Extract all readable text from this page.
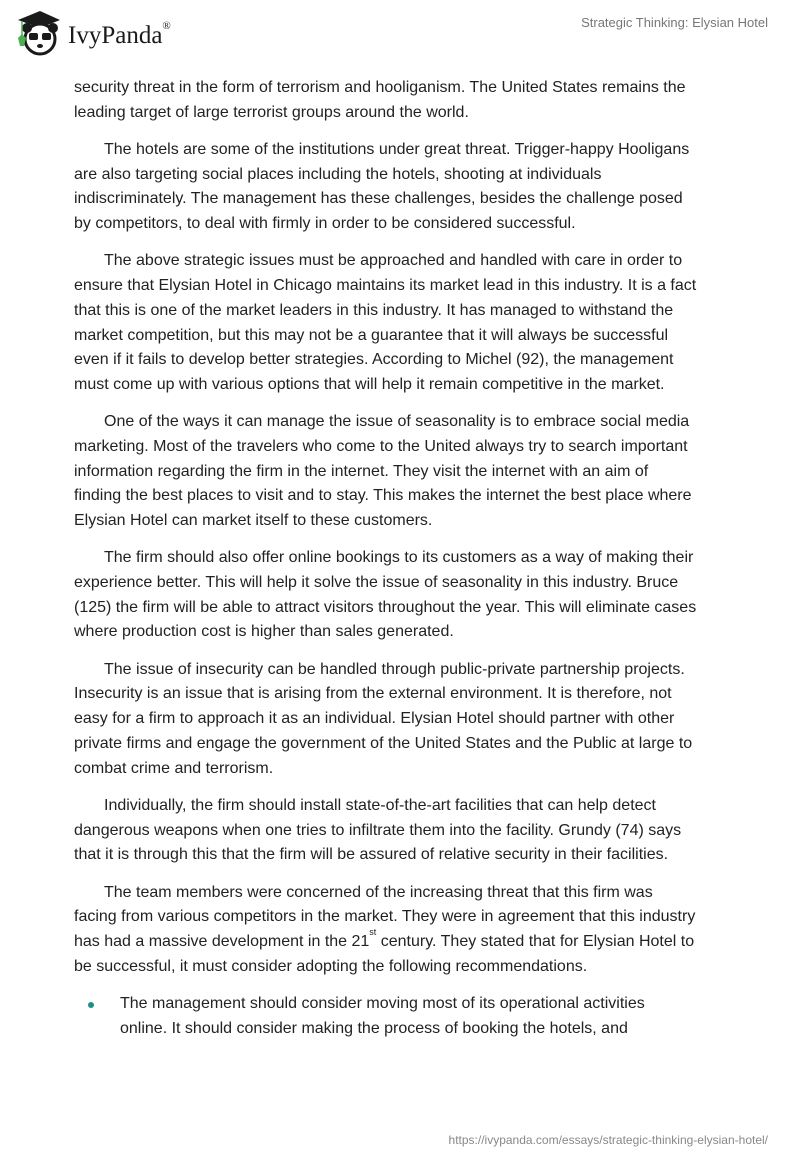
IvyPanda®	Strategic Thinking: Elysian Hotel
security threat in the form of terrorism and hooliganism. The United States remains the
leading target of large terrorist groups around the world.
The hotels are some of the institutions under great threat. Trigger-happy Hooligans
are also targeting social places including the hotels, shooting at individuals
indiscriminately. The management has these challenges, besides the challenge posed
by competitors, to deal with firmly in order to be considered successful.
The above strategic issues must be approached and handled with care in order to
ensure that Elysian Hotel in Chicago maintains its market lead in this industry. It is a fact
that this is one of the market leaders in this industry. It has managed to withstand the
market competition, but this may not be a guarantee that it will always be successful
even if it fails to develop better strategies. According to Michel (92), the management
must come up with various options that will help it remain competitive in the market.
One of the ways it can manage the issue of seasonality is to embrace social media
marketing. Most of the travelers who come to the United always try to search important
information regarding the firm in the internet. They visit the internet with an aim of
finding the best places to visit and to stay. This makes the internet the best place where
Elysian Hotel can market itself to these customers.
The firm should also offer online bookings to its customers as a way of making their
experience better. This will help it solve the issue of seasonality in this industry. Bruce
(125) the firm will be able to attract visitors throughout the year. This will eliminate cases
where production cost is higher than sales generated.
The issue of insecurity can be handled through public-private partnership projects.
Insecurity is an issue that is arising from the external environment. It is therefore, not
easy for a firm to approach it as an individual. Elysian Hotel should partner with other
private firms and engage the government of the United States and the Public at large to
combat crime and terrorism.
Individually, the firm should install state-of-the-art facilities that can help detect
dangerous weapons when one tries to infiltrate them into the facility. Grundy (74) says
that it is through this that the firm will be assured of relative security in their facilities.
The team members were concerned of the increasing threat that this firm was
facing from various competitors in the market. They were in agreement that this industry
has had a massive development in the 21st century. They stated that for Elysian Hotel to
be successful, it must consider adopting the following recommendations.
The management should consider moving most of its operational activities
online. It should consider making the process of booking the hotels, and
https://ivypanda.com/essays/strategic-thinking-elysian-hotel/
